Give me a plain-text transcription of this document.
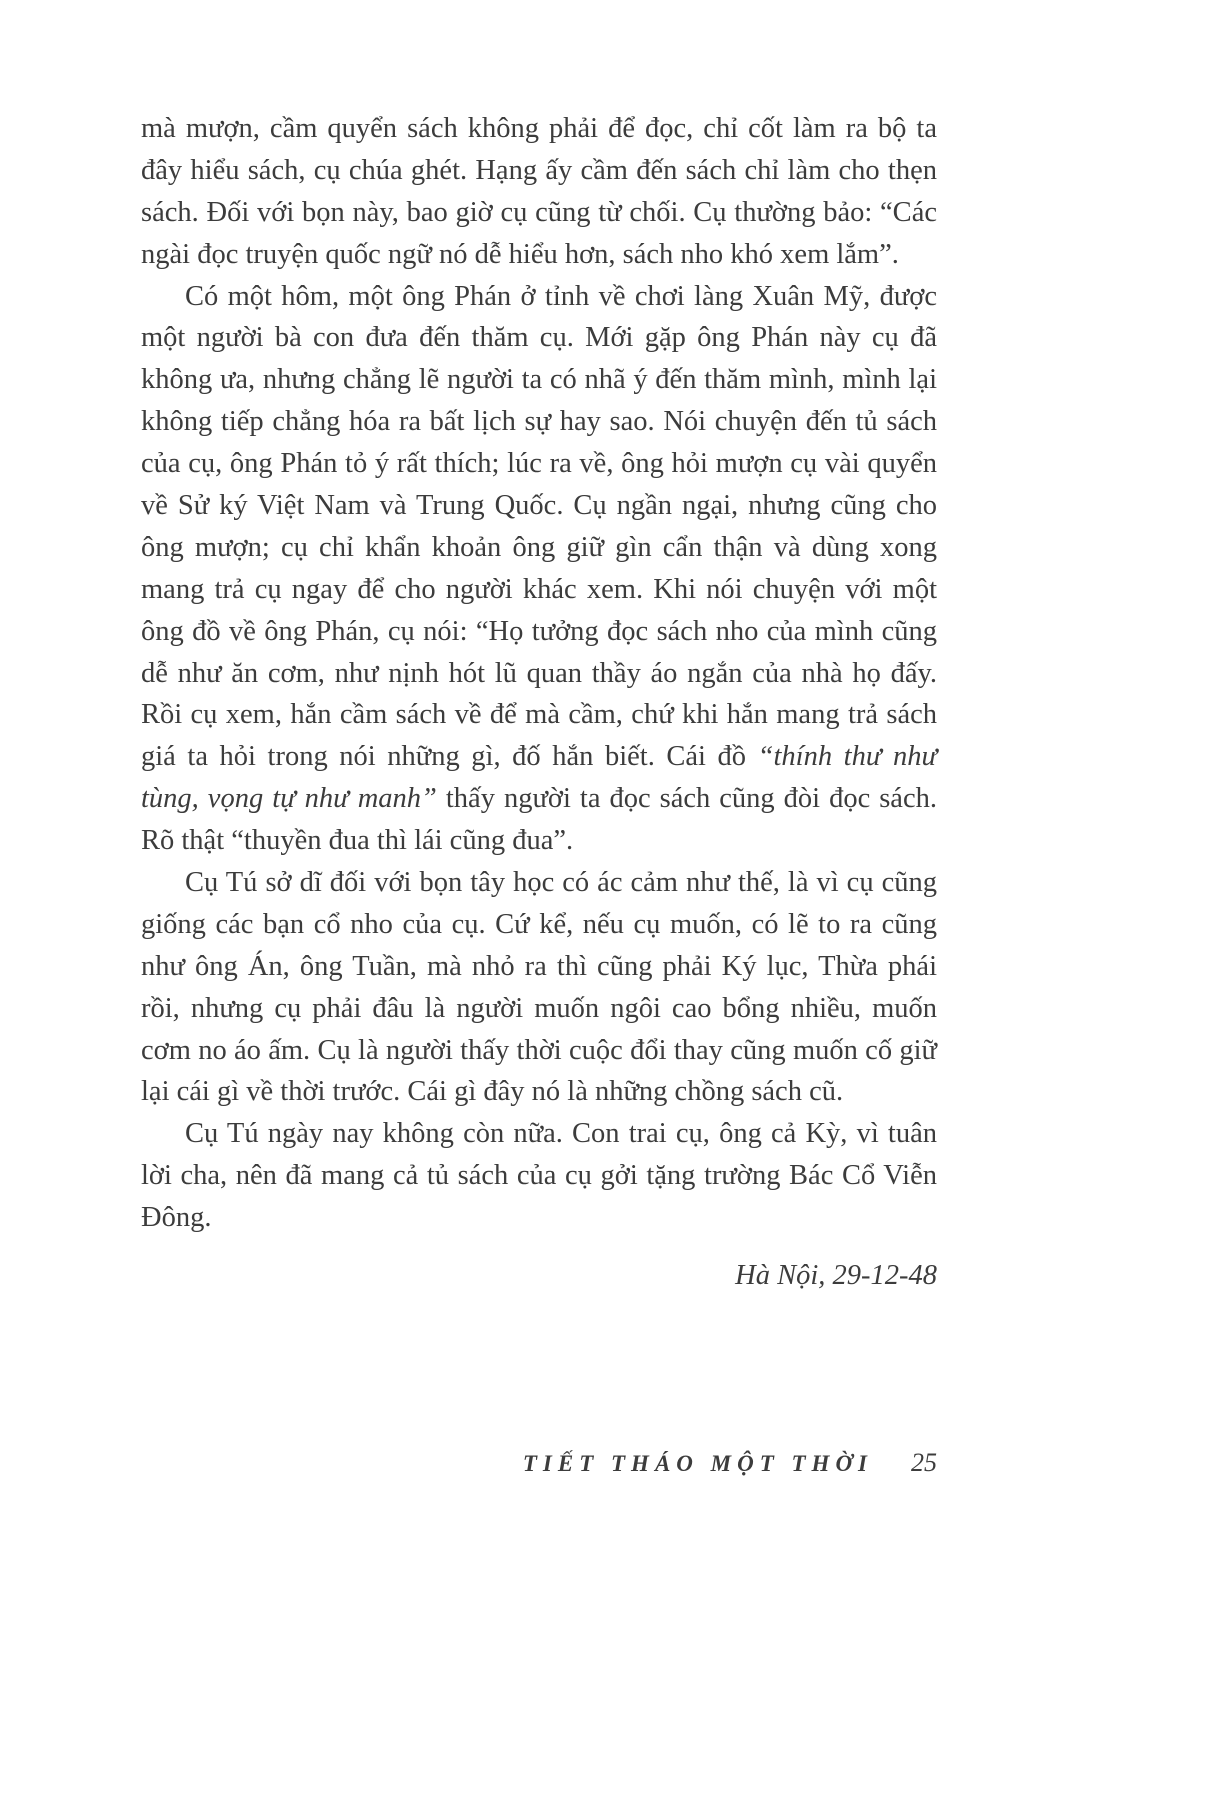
mà mượn, cầm quyển sách không phải để đọc, chỉ cốt làm ra bộ ta đây hiểu sách, cụ chúa ghét. Hạng ấy cầm đến sách chỉ làm cho thẹn sách. Đối với bọn này, bao giờ cụ cũng từ chối. Cụ thường bảo: “Các ngài đọc truyện quốc ngữ nó dễ hiểu hơn, sách nho khó xem lắm”.

Có một hôm, một ông Phán ở tỉnh về chơi làng Xuân Mỹ, được một người bà con đưa đến thăm cụ. Mới gặp ông Phán này cụ đã không ưa, nhưng chẳng lẽ người ta có nhã ý đến thăm mình, mình lại không tiếp chẳng hóa ra bất lịch sự hay sao. Nói chuyện đến tủ sách của cụ, ông Phán tỏ ý rất thích; lúc ra về, ông hỏi mượn cụ vài quyển về Sử ký Việt Nam và Trung Quốc. Cụ ngần ngại, nhưng cũng cho ông mượn; cụ chỉ khẩn khoản ông giữ gìn cẩn thận và dùng xong mang trả cụ ngay để cho người khác xem. Khi nói chuyện với một ông đồ về ông Phán, cụ nói: “Họ tưởng đọc sách nho của mình cũng dễ như ăn cơm, như nịnh hót lũ quan thầy áo ngắn của nhà họ đấy. Rồi cụ xem, hắn cầm sách về để mà cầm, chứ khi hắn mang trả sách giá ta hỏi trong nói những gì, đố hắn biết. Cái đồ “thính thư như tùng, vọng tự như manh” thấy người ta đọc sách cũng đòi đọc sách. Rõ thật “thuyền đua thì lái cũng đua”.

Cụ Tú sở dĩ đối với bọn tây học có ác cảm như thế, là vì cụ cũng giống các bạn cổ nho của cụ. Cứ kể, nếu cụ muốn, có lẽ to ra cũng như ông Án, ông Tuần, mà nhỏ ra thì cũng phải Ký lục, Thừa phái rồi, nhưng cụ phải đâu là người muốn ngôi cao bổng nhiều, muốn cơm no áo ấm. Cụ là người thấy thời cuộc đổi thay cũng muốn cố giữ lại cái gì về thời trước. Cái gì đây nó là những chồng sách cũ.

Cụ Tú ngày nay không còn nữa. Con trai cụ, ông cả Kỳ, vì tuân lời cha, nên đã mang cả tủ sách của cụ gởi tặng trường Bác Cổ Viễn Đông.

Hà Nội, 29-12-48
TIẾT THÁO MỘT THỜI 25
